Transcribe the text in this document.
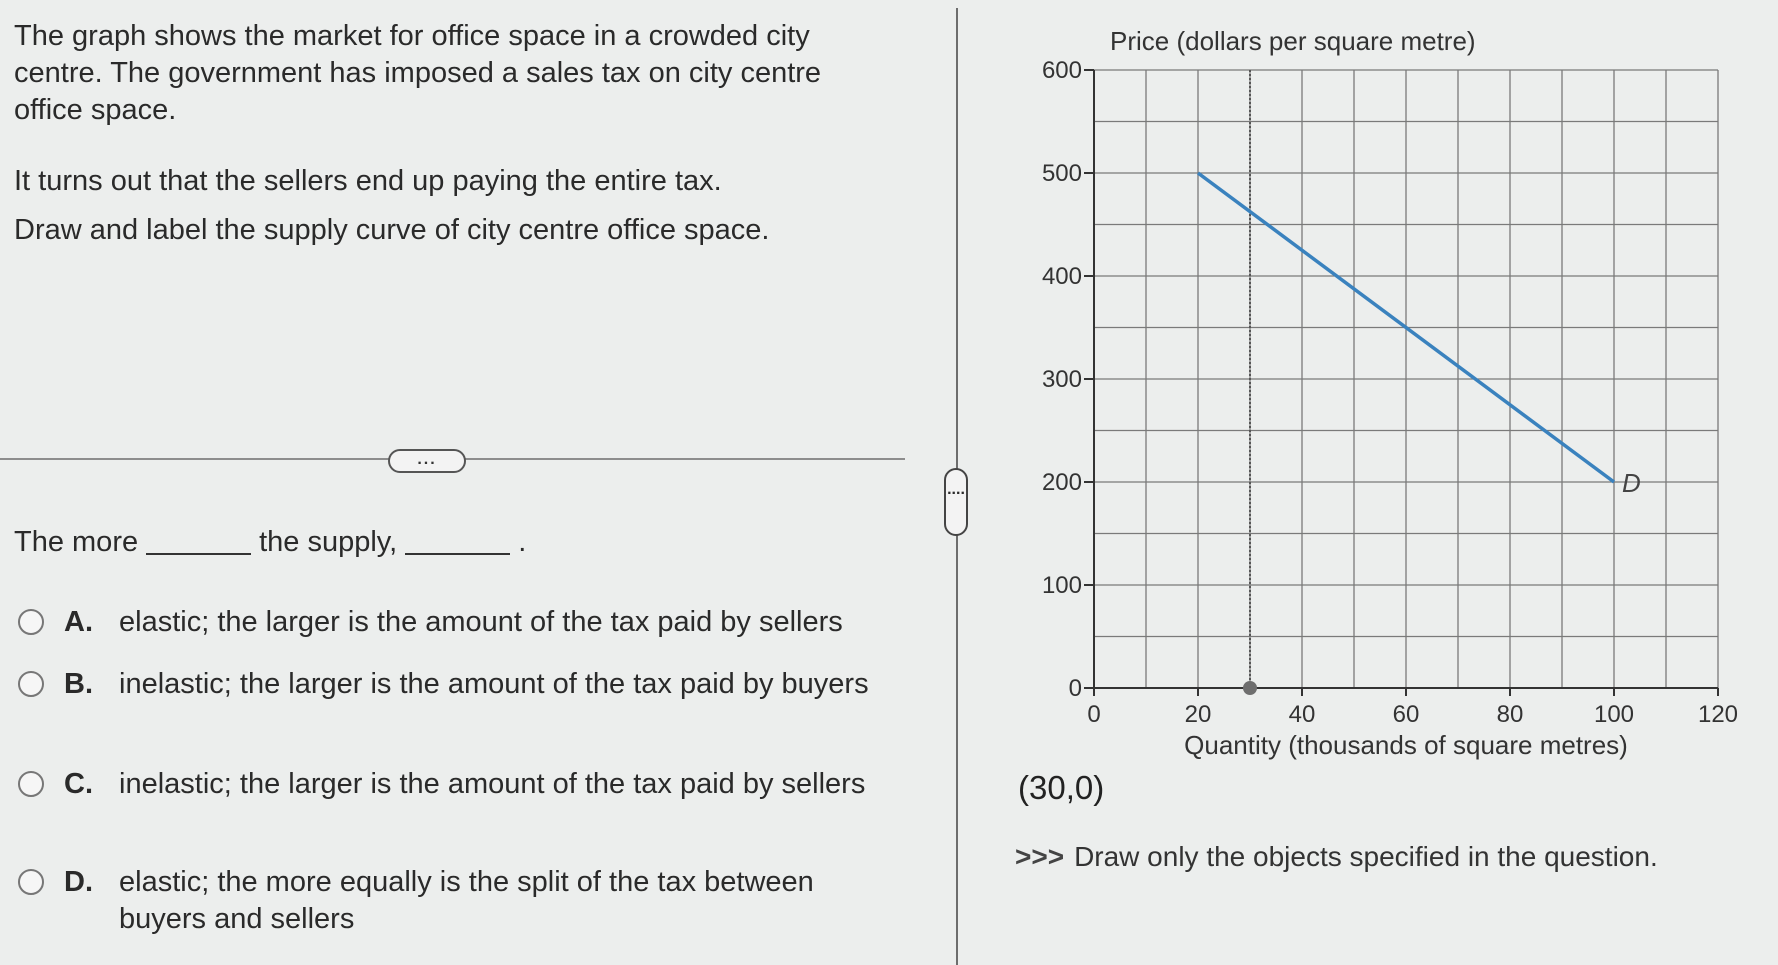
The graph shows the market for office space in a crowded city centre. The government has imposed a sales tax on city centre office space.

It turns out that the sellers end up paying the entire tax.

Draw and label the supply curve of city centre office space.

...
The more	the supply,	.
A. elastic; the larger is the amount of the tax paid by sellers
B. inelastic; the larger is the amount of the tax paid by buyers
C. inelastic; the larger is the amount of the tax paid by sellers
D. elastic; the more equally is the split of the tax between buyers and sellers
....
0
100
200
300
400
500
600
0	20	40	60	80	100	120
Price (dollars per square metre)
Quantity (thousands of square metres)
D
(30,0)
>>> Draw only the objects specified in the question.
